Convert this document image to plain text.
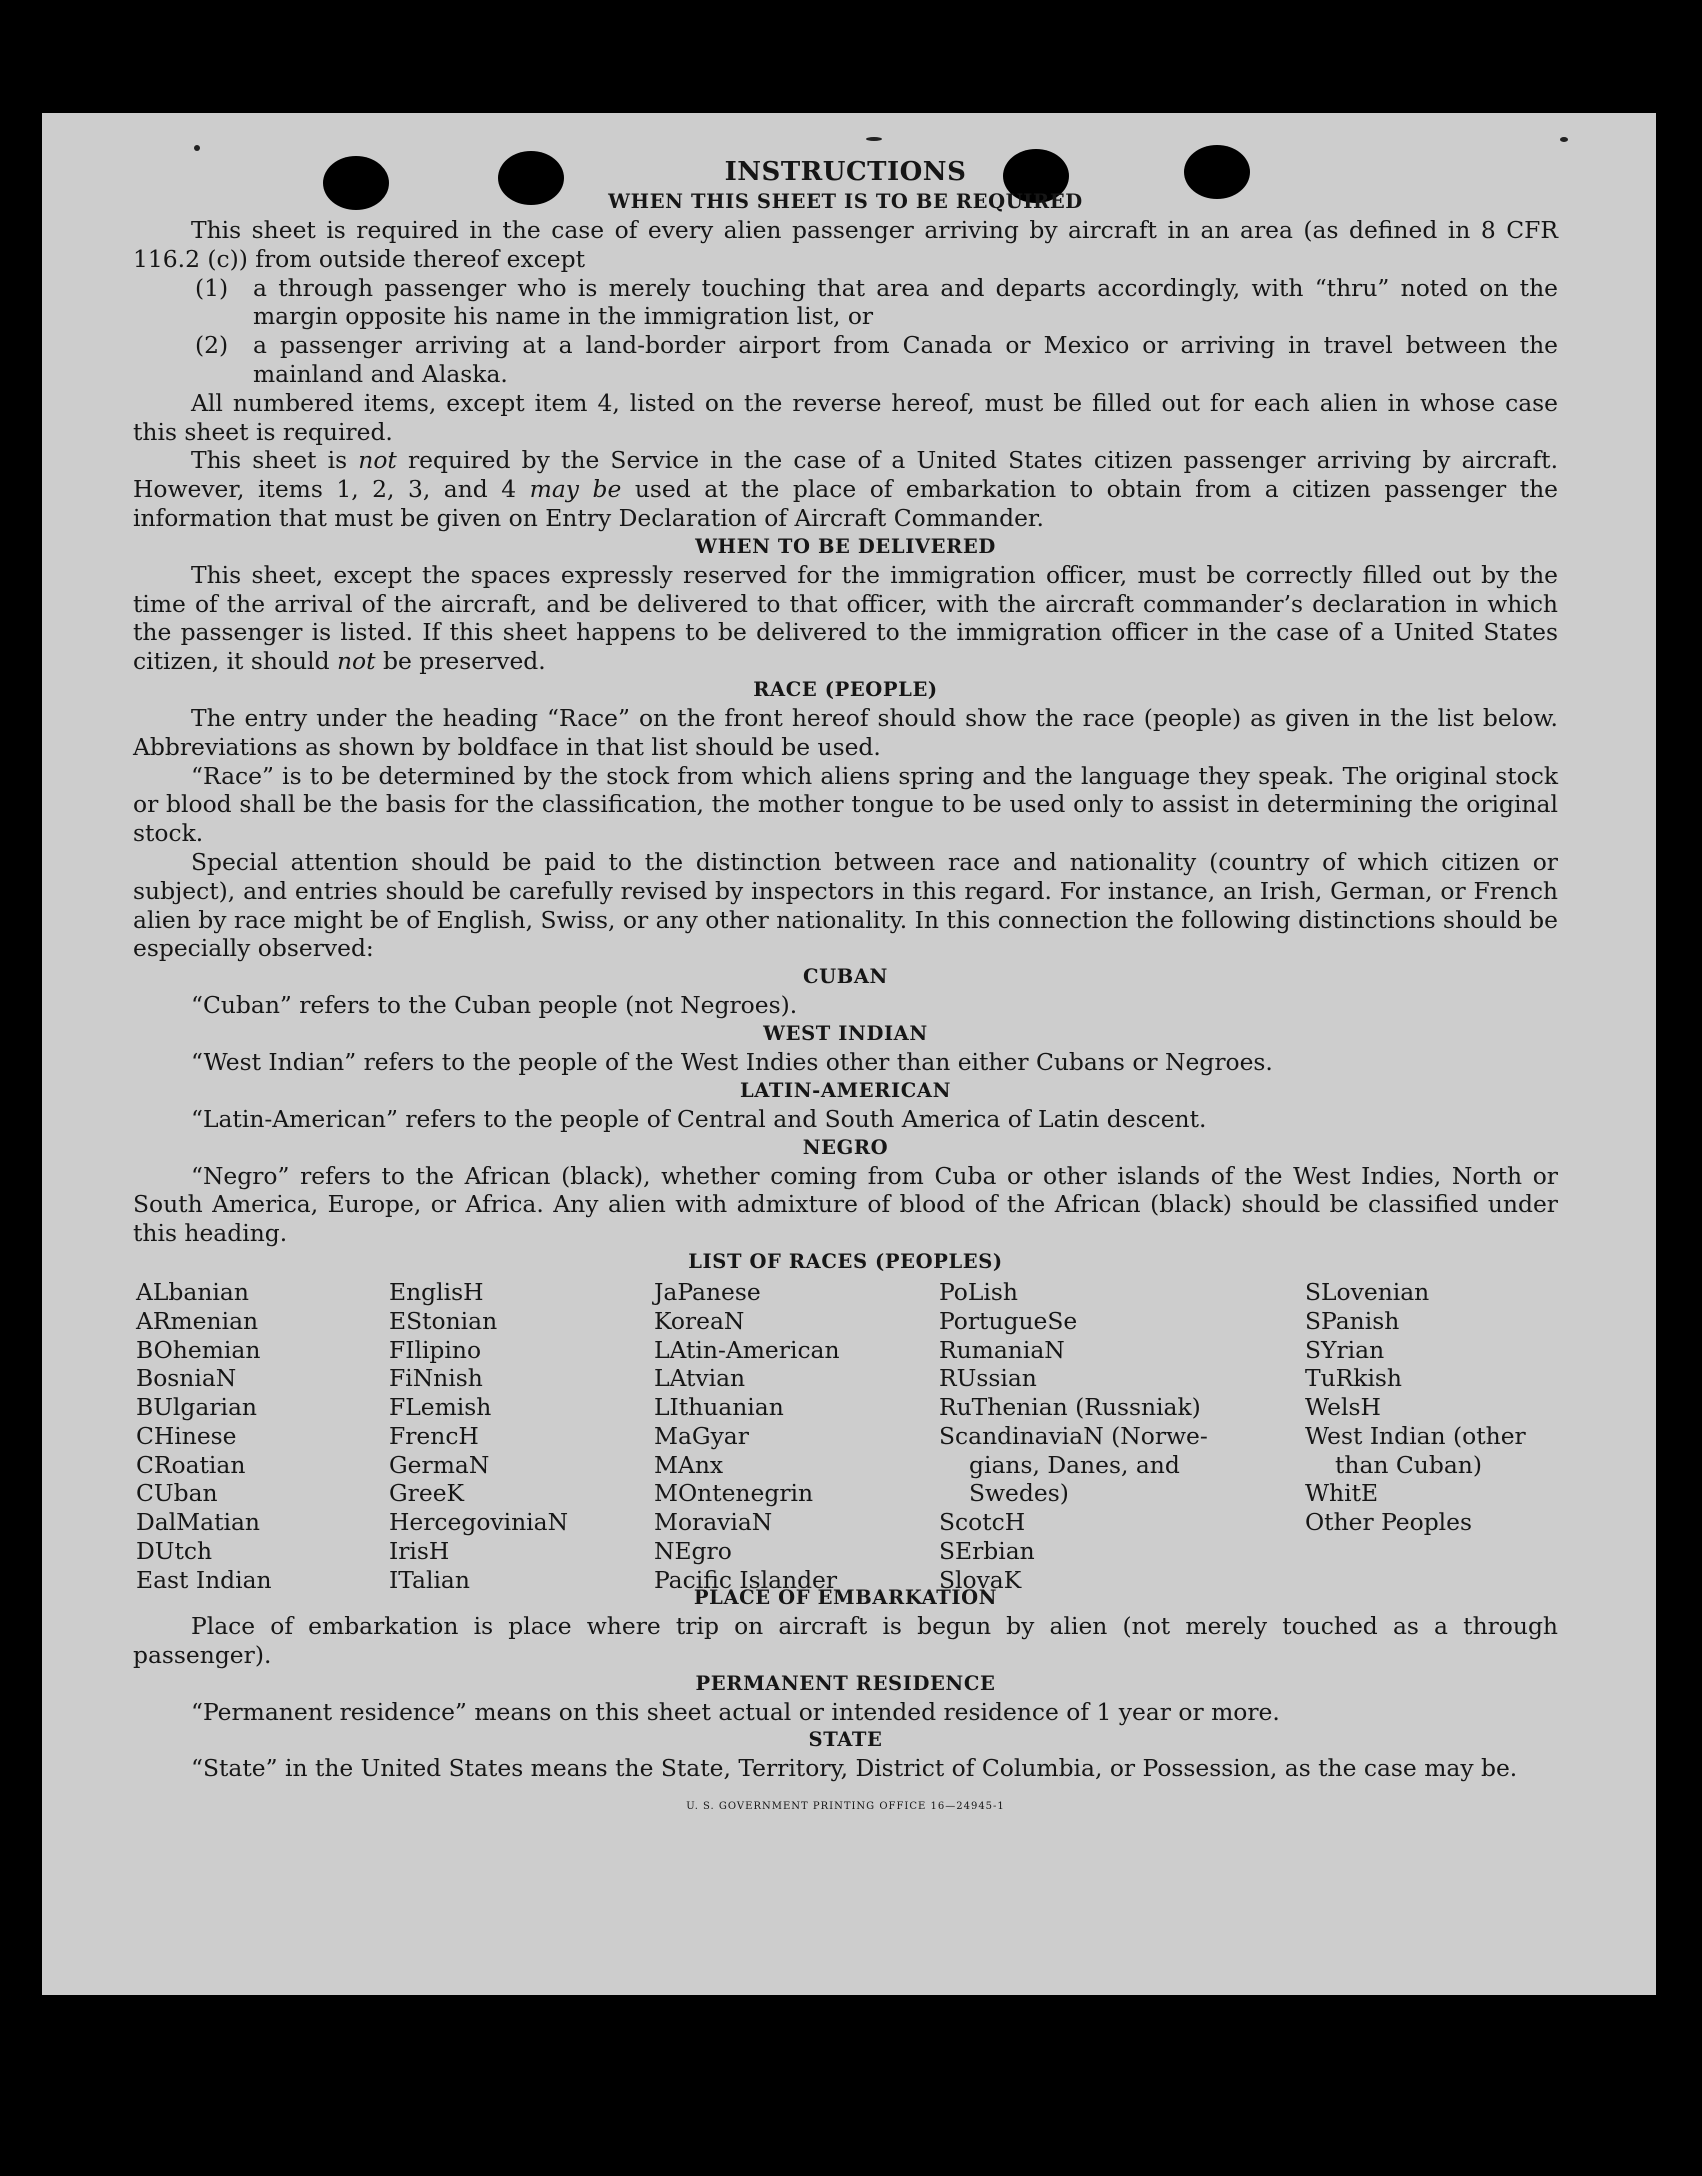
INSTRUCTIONS
WHEN THIS SHEET IS TO BE REQUIRED

This sheet is required in the case of every alien passenger arriving by aircraft in an area (as defined in 8 CFR 116.2 (c)) from outside thereof except

(1)	a through passenger who is merely touching that area and departs accordingly, with “thru” noted on the margin opposite his name in the immigration list, or
(2)	a passenger arriving at a land-border airport from Canada or Mexico or arriving in travel between the mainland and Alaska.

All numbered items, except item 4, listed on the reverse hereof, must be filled out for each alien in whose case this sheet is required.

This sheet is not required by the Service in the case of a United States citizen passenger arriving by aircraft. However, items 1, 2, 3, and 4 may be used at the place of embarkation to obtain from a citizen passenger the information that must be given on Entry Declaration of Aircraft Commander.

WHEN TO BE DELIVERED

This sheet, except the spaces expressly reserved for the immigration officer, must be correctly filled out by the time of the arrival of the aircraft, and be delivered to that officer, with the aircraft commander’s declaration in which the passenger is listed. If this sheet happens to be delivered to the immigration officer in the case of a United States citizen, it should not be preserved.

RACE (PEOPLE)

The entry under the heading “Race” on the front hereof should show the race (people) as given in the list below. Abbreviations as shown by boldface in that list should be used.

“Race” is to be determined by the stock from which aliens spring and the language they speak. The original stock or blood shall be the basis for the classification, the mother tongue to be used only to assist in determining the original stock.

Special attention should be paid to the distinction between race and nationality (country of which citizen or subject), and entries should be carefully revised by inspectors in this regard. For instance, an Irish, German, or French alien by race might be of English, Swiss, or any other nationality. In this connection the following distinctions should be especially observed:

CUBAN

“Cuban” refers to the Cuban people (not Negroes).

WEST INDIAN

“West Indian” refers to the people of the West Indies other than either Cubans or Negroes.

LATIN-AMERICAN

“Latin-American” refers to the people of Central and South America of Latin descent.

NEGRO

“Negro” refers to the African (black), whether coming from Cuba or other islands of the West Indies, North or South America, Europe, or Africa. Any alien with admixture of blood of the African (black) should be classified under this heading.

LIST OF RACES (PEOPLES)
ALbanian
ARmenian
BOhemian
BosniaN
BUlgarian
CHinese
CRoatian
CUban
DalMatian
DUtch
East Indian
EnglisH
EStonian
FIlipino
FiNnish
FLemish
FrencH
GermaN
GreeK
HercegoviniaN
IrisH
ITalian
JaPanese
KoreaN
LAtin-American
LAtvian
LIthuanian
MaGyar
MAnx
MOntenegrin
MoraviaN
NEgro
Pacific Islander
PoLish
PortugueSe
RumaniaN
RUssian
RuThenian (Russniak)
ScandinaviaN (Norwe-
gians, Danes, and
Swedes)
ScotcH
SErbian
SlovaK
SLovenian
SPanish
SYrian
TuRkish
WelsH
West Indian (other
than Cuban)
WhitE
Other Peoples
PLACE OF EMBARKATION

Place of embarkation is place where trip on aircraft is begun by alien (not merely touched as a through passenger).

PERMANENT RESIDENCE

“Permanent residence” means on this sheet actual or intended residence of 1 year or more.

STATE

“State” in the United States means the State, Territory, District of Columbia, or Possession, as the case may be.

U. S. GOVERNMENT PRINTING OFFICE 16—24945-1
